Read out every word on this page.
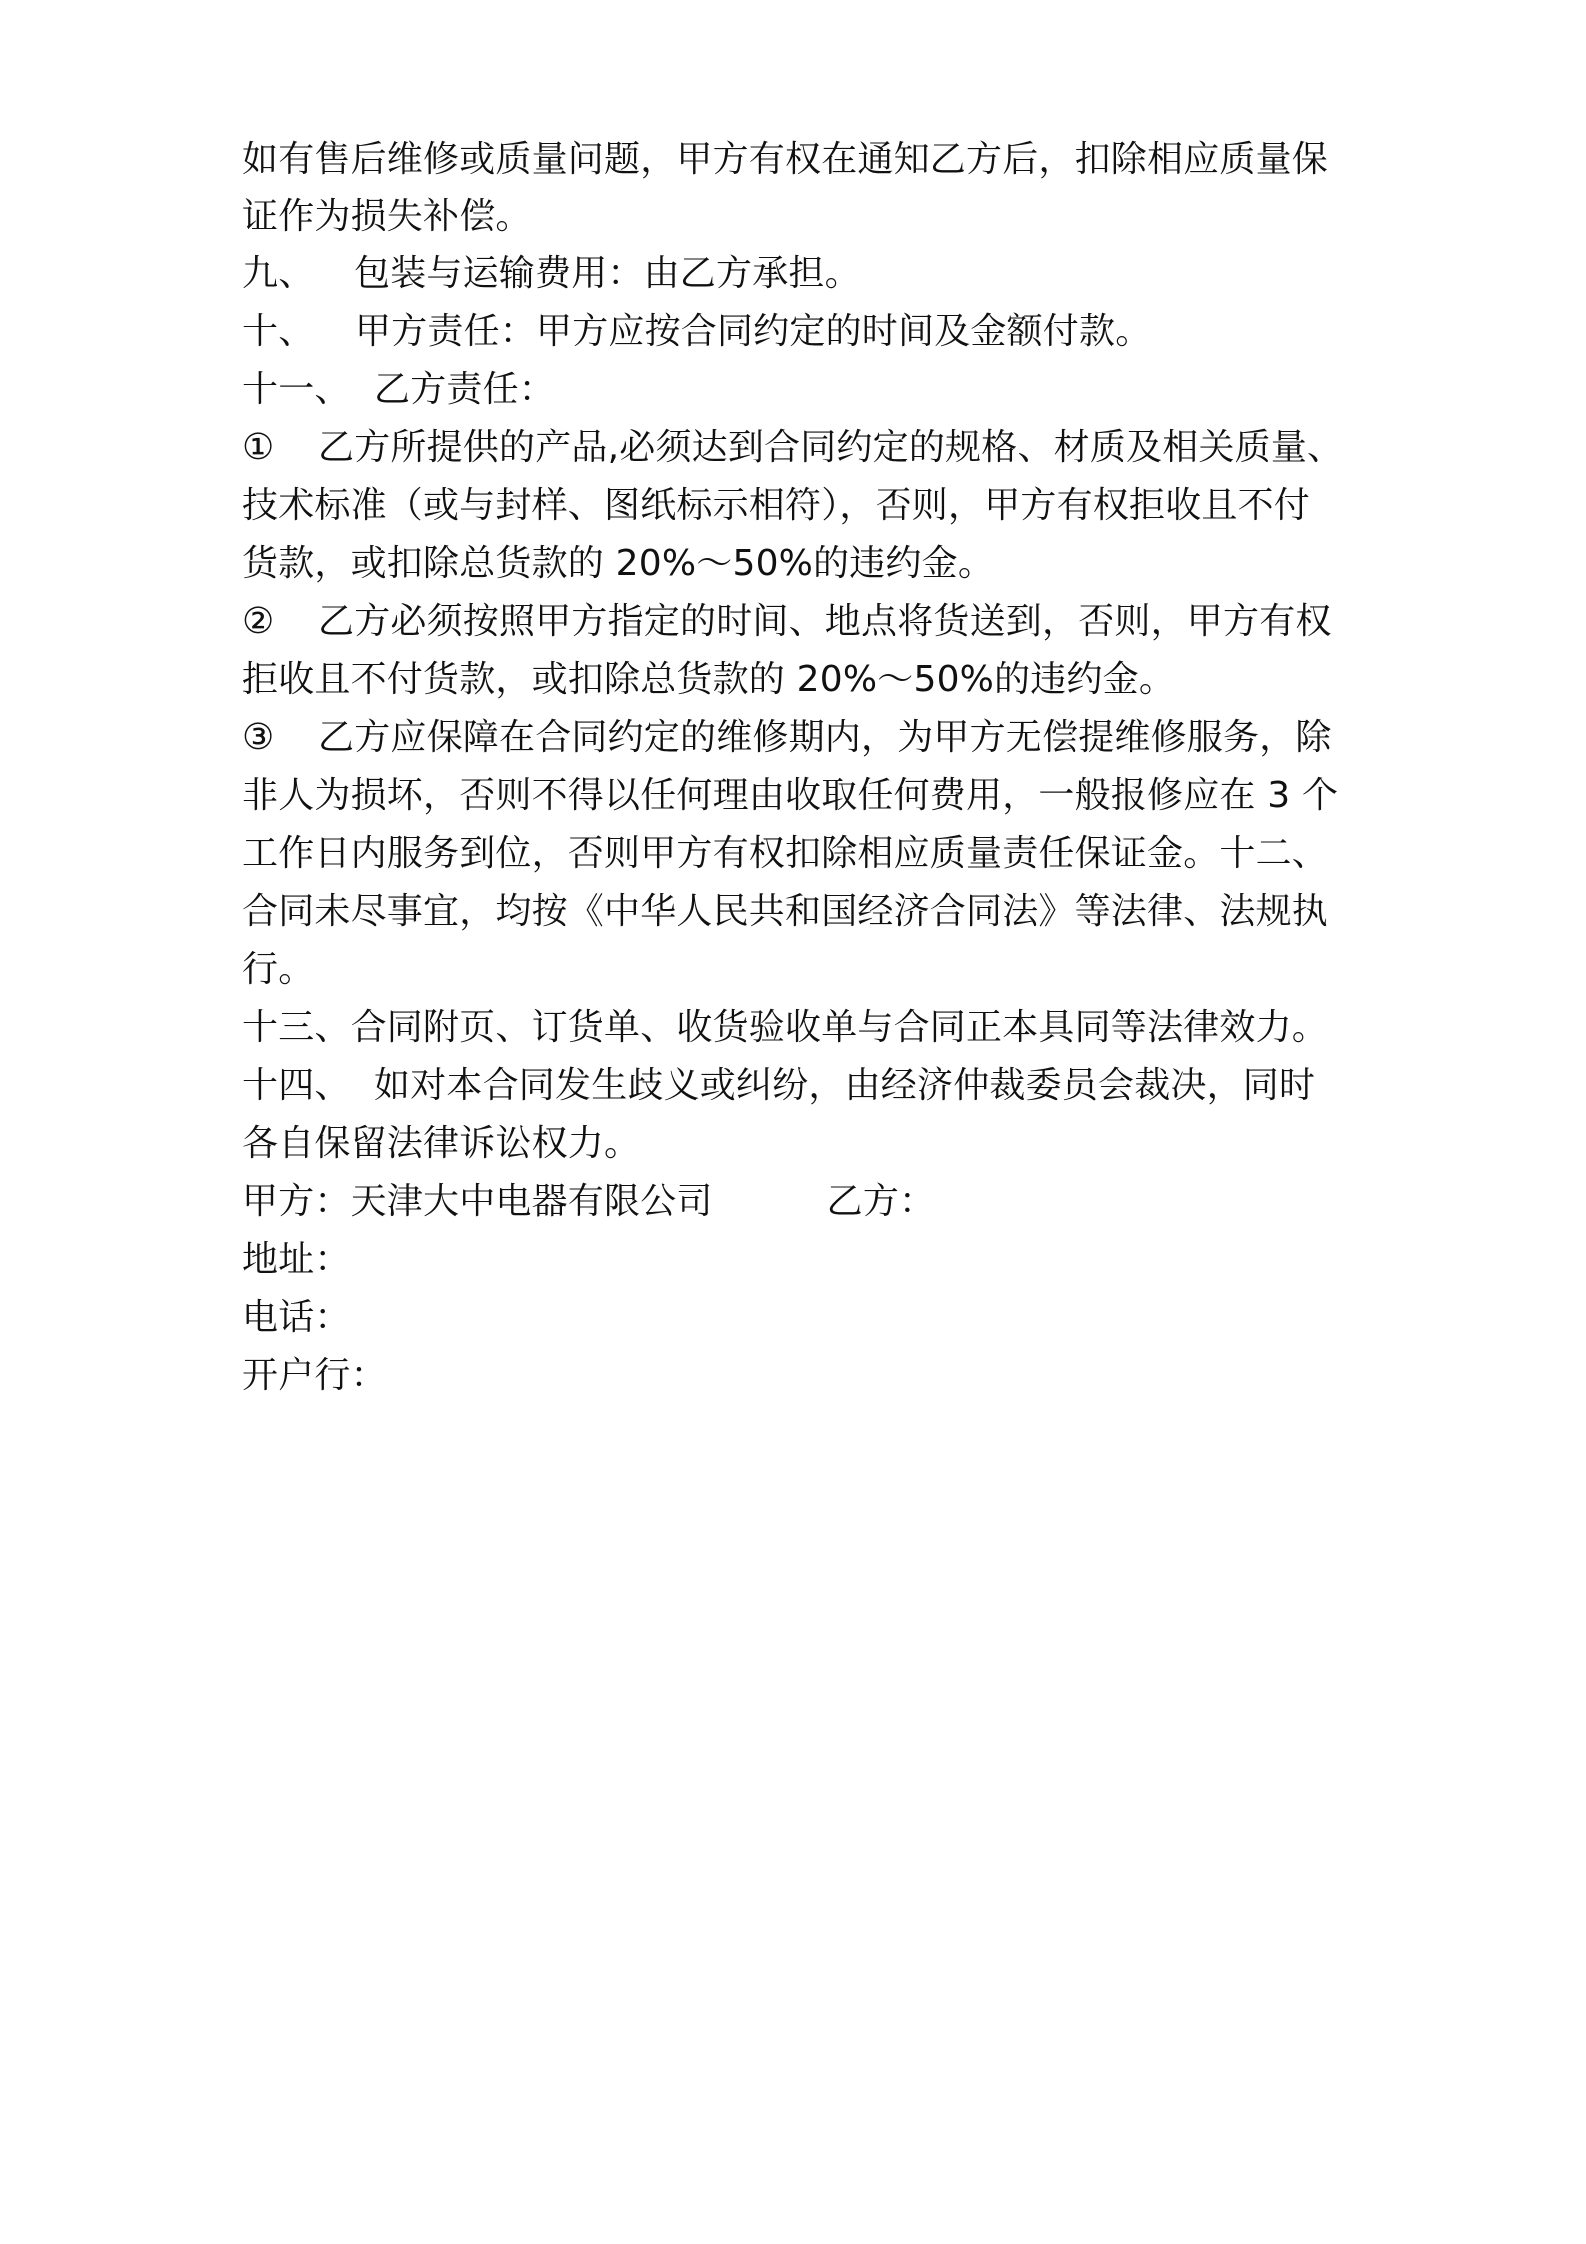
如有售后维修或质量问题，甲方有权在通知乙方后，扣除相应质量保
证作为损失补偿。
九、 包装与运输费用：由乙方承担。
十、 甲方责任：甲方应按合同约定的时间及金额付款。
十一、 乙方责任：
① 乙方所提供的产品,必须达到合同约定的规格、材质及相关质量、
技术标准（或与封样、图纸标示相符），否则，甲方有权拒收且不付
货款，或扣除总货款的 20%～50%的违约金。
② 乙方必须按照甲方指定的时间、地点将货送到，否则，甲方有权
拒收且不付货款，或扣除总货款的 20%～50%的违约金。
③ 乙方应保障在合同约定的维修期内，为甲方无偿提维修服务，除
非人为损坏，否则不得以任何理由收取任何费用，一般报修应在 3 个
工作日内服务到位，否则甲方有权扣除相应质量责任保证金。十二、
合同未尽事宜，均按《中华人民共和国经济合同法》等法律、法规执
行。
十三、合同附页、订货单、收货验收单与合同正本具同等法律效力。
十四、 如对本合同发生歧义或纠纷，由经济仲裁委员会裁决，同时
各自保留法律诉讼权力。
甲方：天津大中电器有限公司	乙方：
地址：
电话：
开户行：
